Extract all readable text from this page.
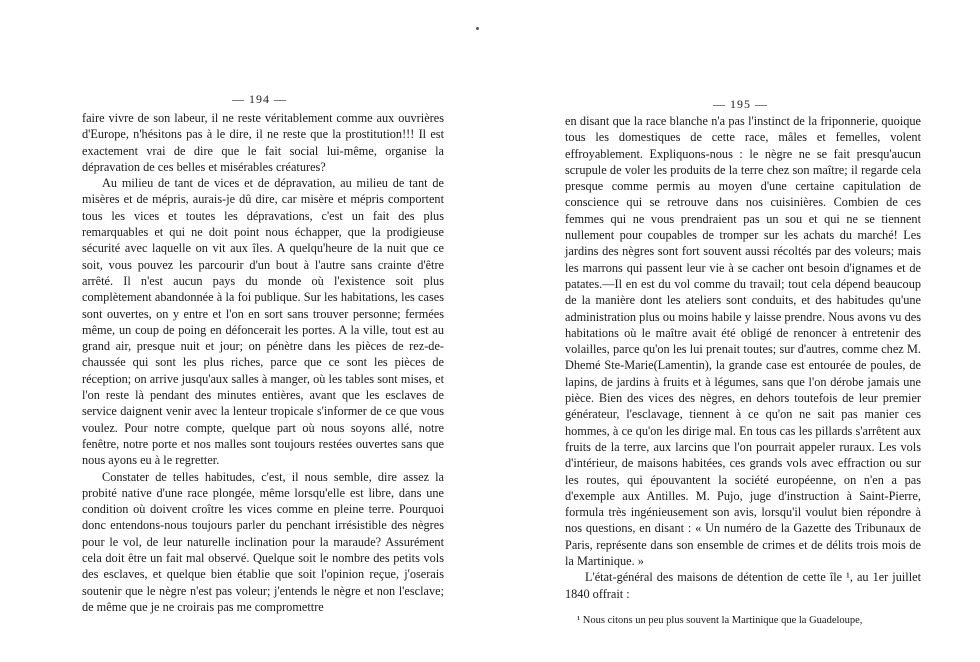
— 194 —

faire vivre de son labeur, il ne reste véritablement comme aux ouvrières d'Europe, n'hésitons pas à le dire, il ne reste que la prostitution!!! Il est exactement vrai de dire que le fait social lui-même, organise la dépravation de ces belles et misérables créatures?

Au milieu de tant de vices et de dépravation, au milieu de tant de misères et de mépris, aurais-je dû dire, car misère et mépris comportent tous les vices et toutes les dépravations, c'est un fait des plus remarquables et qui ne doit point nous échapper, que la prodigieuse sécurité avec laquelle on vit aux îles. A quelqu'heure de la nuit que ce soit, vous pouvez les parcourir d'un bout à l'autre sans crainte d'être arrêté. Il n'est aucun pays du monde où l'existence soit plus complètement abandonnée à la foi publique. Sur les habitations, les cases sont ouvertes, on y entre et l'on en sort sans trouver personne; fermées même, un coup de poing en défoncerait les portes. A la ville, tout est au grand air, presque nuit et jour; on pénètre dans les pièces de rez-de-chaussée qui sont les plus riches, parce que ce sont les pièces de réception; on arrive jusqu'aux salles à manger, où les tables sont mises, et l'on reste là pendant des minutes entières, avant que les esclaves de service daignent venir avec la lenteur tropicale s'informer de ce que vous voulez. Pour notre compte, quelque part où nous soyons allé, notre fenêtre, notre porte et nos malles sont toujours restées ouvertes sans que nous ayons eu à le regretter.

Constater de telles habitudes, c'est, il nous semble, dire assez la probité native d'une race plongée, même lorsqu'elle est libre, dans une condition où doivent croître les vices comme en pleine terre. Pourquoi donc entendons-nous toujours parler du penchant irrésistible des nègres pour le vol, de leur naturelle inclination pour la maraude? Assurément cela doit être un fait mal observé. Quelque soit le nombre des petits vols des esclaves, et quelque bien établie que soit l'opinion reçue, j'oserais soutenir que le nègre n'est pas voleur; j'entends le nègre et non l'esclave; de même que je ne croirais pas me compromettre

— 195 —

en disant que la race blanche n'a pas l'instinct de la friponnerie, quoique tous les domestiques de cette race, mâles et femelles, volent effroyablement. Expliquons-nous : le nègre ne se fait presqu'aucun scrupule de voler les produits de la terre chez son maître; il regarde cela presque comme permis au moyen d'une certaine capitulation de conscience qui se retrouve dans nos cuisinières. Combien de ces femmes qui ne vous prendraient pas un sou et qui ne se tiennent nullement pour coupables de tromper sur les achats du marché! Les jardins des nègres sont fort souvent aussi récoltés par des voleurs; mais les marrons qui passent leur vie à se cacher ont besoin d'ignames et de patates.—Il en est du vol comme du travail; tout cela dépend beaucoup de la manière dont les ateliers sont conduits, et des habitudes qu'une administration plus ou moins habile y laisse prendre. Nous avons vu des habitations où le maître avait été obligé de renoncer à entretenir des volailles, parce qu'on les lui prenait toutes; sur d'autres, comme chez M. Dhemé Ste-Marie(Lamentin), la grande case est entourée de poules, de lapins, de jardins à fruits et à légumes, sans que l'on dérobe jamais une pièce. Bien des vices des nègres, en dehors toutefois de leur premier générateur, l'esclavage, tiennent à ce qu'on ne sait pas manier ces hommes, à ce qu'on les dirige mal. En tous cas les pillards s'arrêtent aux fruits de la terre, aux larcins que l'on pourrait appeler ruraux. Les vols d'intérieur, de maisons habitées, ces grands vols avec effraction ou sur les routes, qui épouvantent la société européenne, on n'en a pas d'exemple aux Antilles. M. Pujo, juge d'instruction à Saint-Pierre, formula très ingénieusement son avis, lorsqu'il voulut bien répondre à nos questions, en disant : « Un numéro de la Gazette des Tribunaux de Paris, représente dans son ensemble de crimes et de délits trois mois de la Martinique. »

L'état-général des maisons de détention de cette île ¹, au 1er juillet 1840 offrait :

¹ Nous citons un peu plus souvent la Martinique que la Guadeloupe,
